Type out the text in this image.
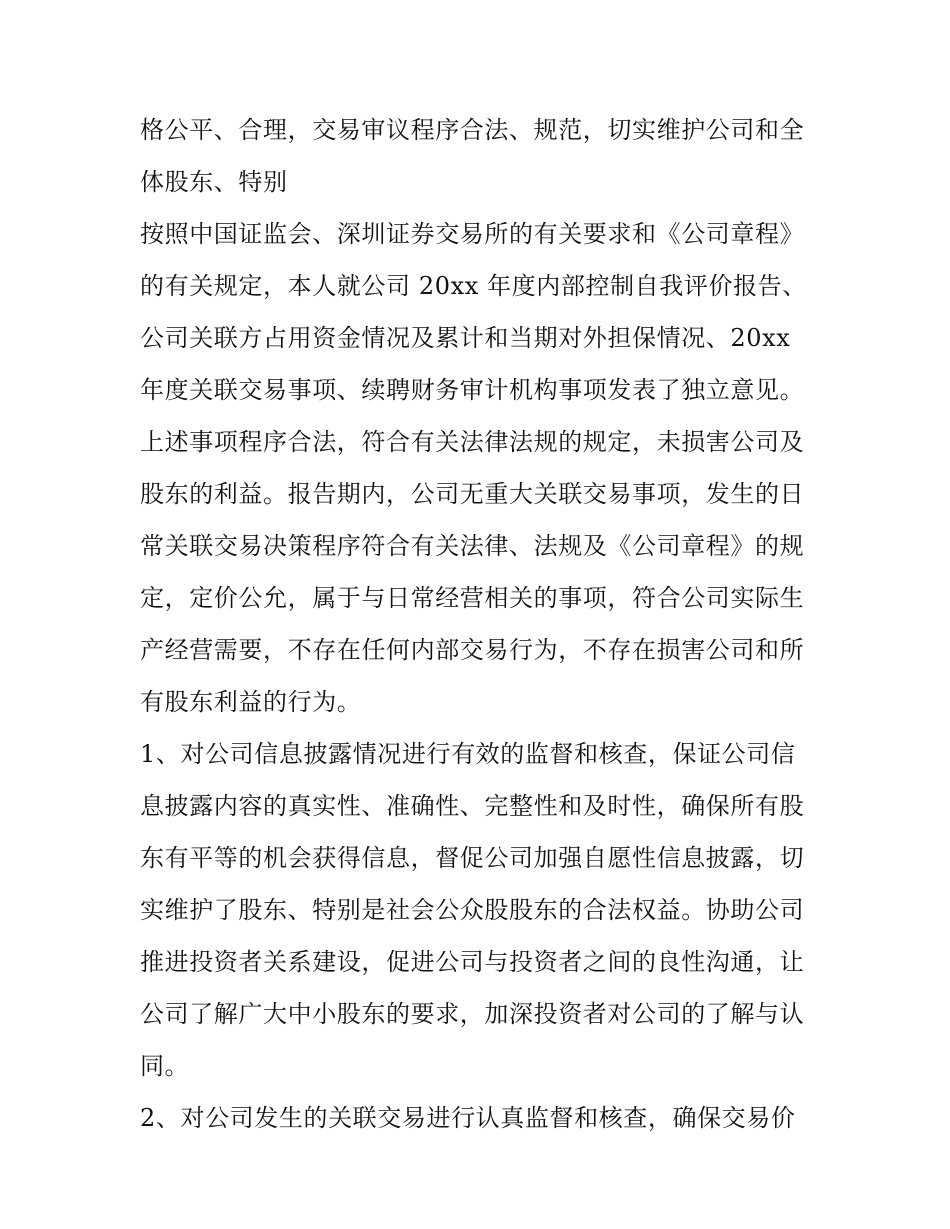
格公平、合理，交易审议程序合法、规范，切实维护公司和全
体股东、特别
按照中国证监会、深圳证券交易所的有关要求和《公司章程》
的有关规定，本人就公司 20xx 年度内部控制自我评价报告、
公司关联方占用资金情况及累计和当期对外担保情况、20xx
年度关联交易事项、续聘财务审计机构事项发表了独立意见。
上述事项程序合法，符合有关法律法规的规定，未损害公司及
股东的利益。报告期内，公司无重大关联交易事项，发生的日
常关联交易决策程序符合有关法律、法规及《公司章程》的规
定，定价公允，属于与日常经营相关的事项，符合公司实际生
产经营需要，不存在任何内部交易行为，不存在损害公司和所
有股东利益的行为。
1、对公司信息披露情况进行有效的监督和核查，保证公司信
息披露内容的真实性、准确性、完整性和及时性，确保所有股
东有平等的机会获得信息，督促公司加强自愿性信息披露，切
实维护了股东、特别是社会公众股股东的合法权益。协助公司
推进投资者关系建设，促进公司与投资者之间的良性沟通，让
公司了解广大中小股东的要求，加深投资者对公司的了解与认
同。
2、对公司发生的关联交易进行认真监督和核查，确保交易价
